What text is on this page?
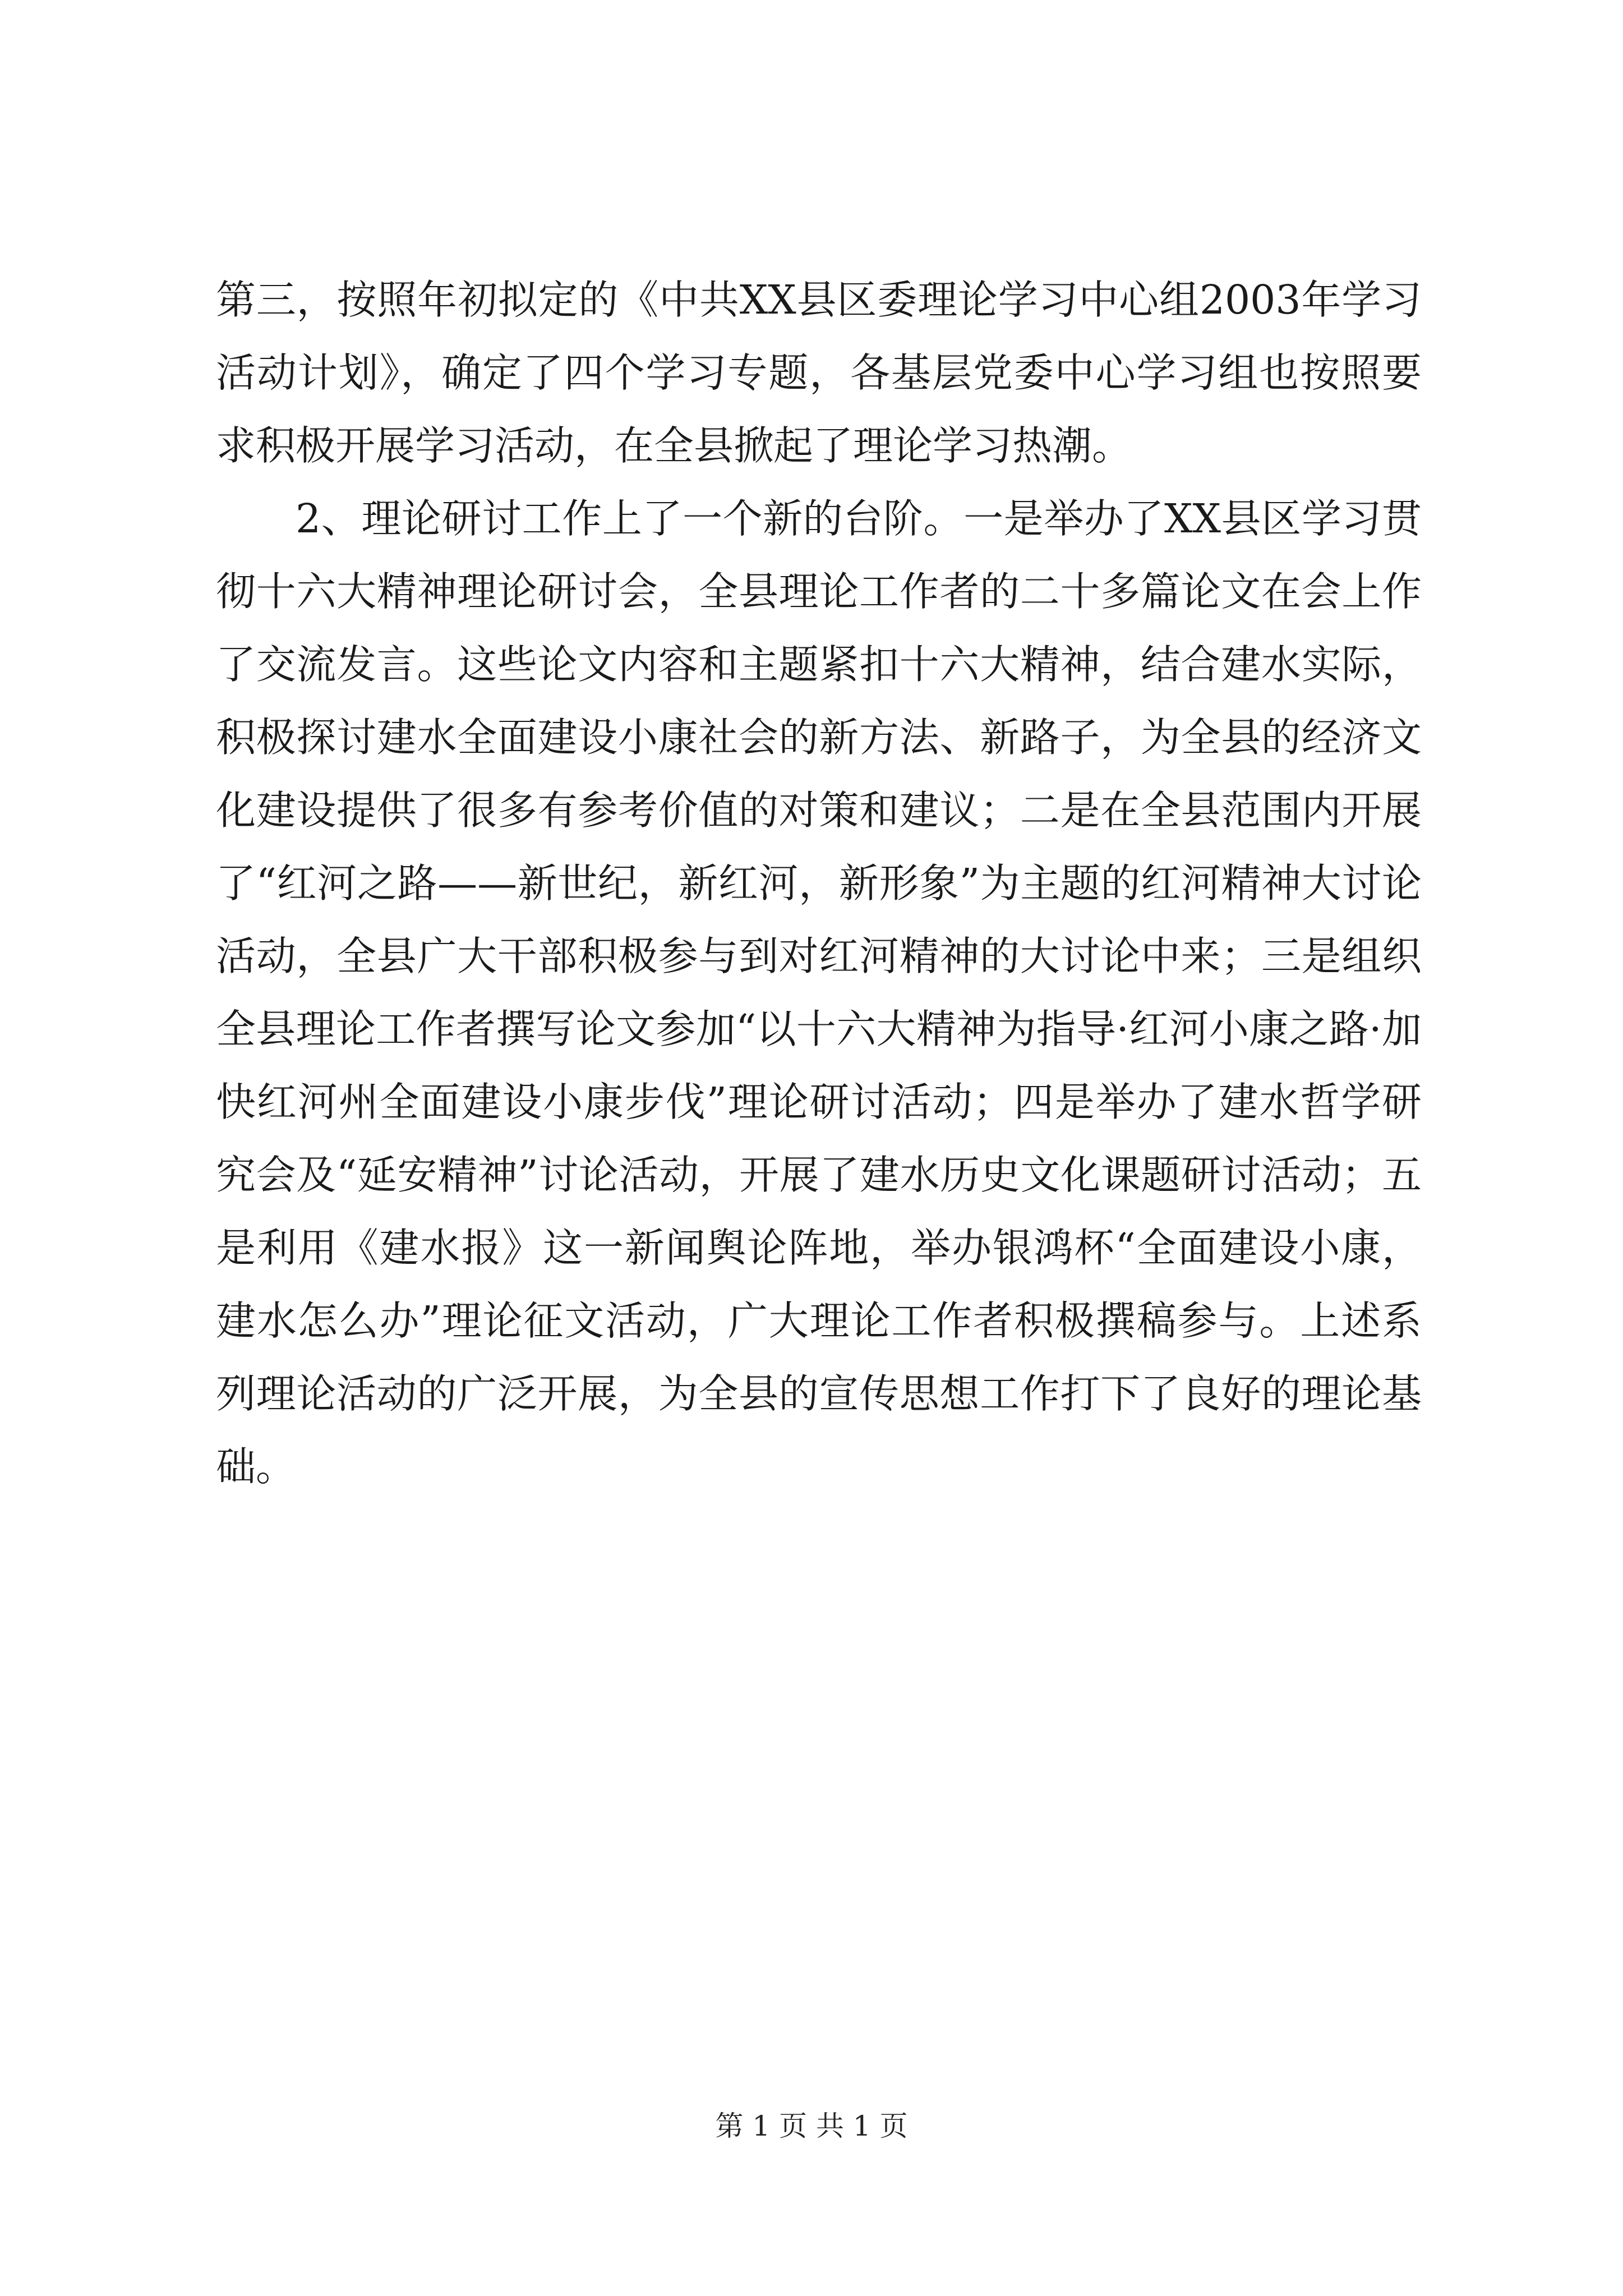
第三，按照年初拟定的《中共XX县区委理论学习中心组2003年学习活动计划》，确定了四个学习专题，各基层党委中心学习组也按照要求积极开展学习活动，在全县掀起了理论学习热潮。

2、理论研讨工作上了一个新的台阶。一是举办了XX县区学习贯彻十六大精神理论研讨会，全县理论工作者的二十多篇论文在会上作了交流发言。这些论文内容和主题紧扣十六大精神，结合建水实际，积极探讨建水全面建设小康社会的新方法、新路子，为全县的经济文化建设提供了很多有参考价值的对策和建议；二是在全县范围内开展了“红河之路——新世纪，新红河，新形象”为主题的红河精神大讨论活动，全县广大干部积极参与到对红河精神的大讨论中来；三是组织全县理论工作者撰写论文参加“以十六大精神为指导·红河小康之路·加快红河州全面建设小康步伐”理论研讨活动；四是举办了建水哲学研究会及“延安精神”讨论活动，开展了建水历史文化课题研讨活动；五是利用《建水报》这一新闻舆论阵地，举办银鸿杯“全面建设小康，建水怎么办”理论征文活动，广大理论工作者积极撰稿参与。上述系列理论活动的广泛开展，为全县的宣传思想工作打下了良好的理论基础。

第 1 页 共 1 页
